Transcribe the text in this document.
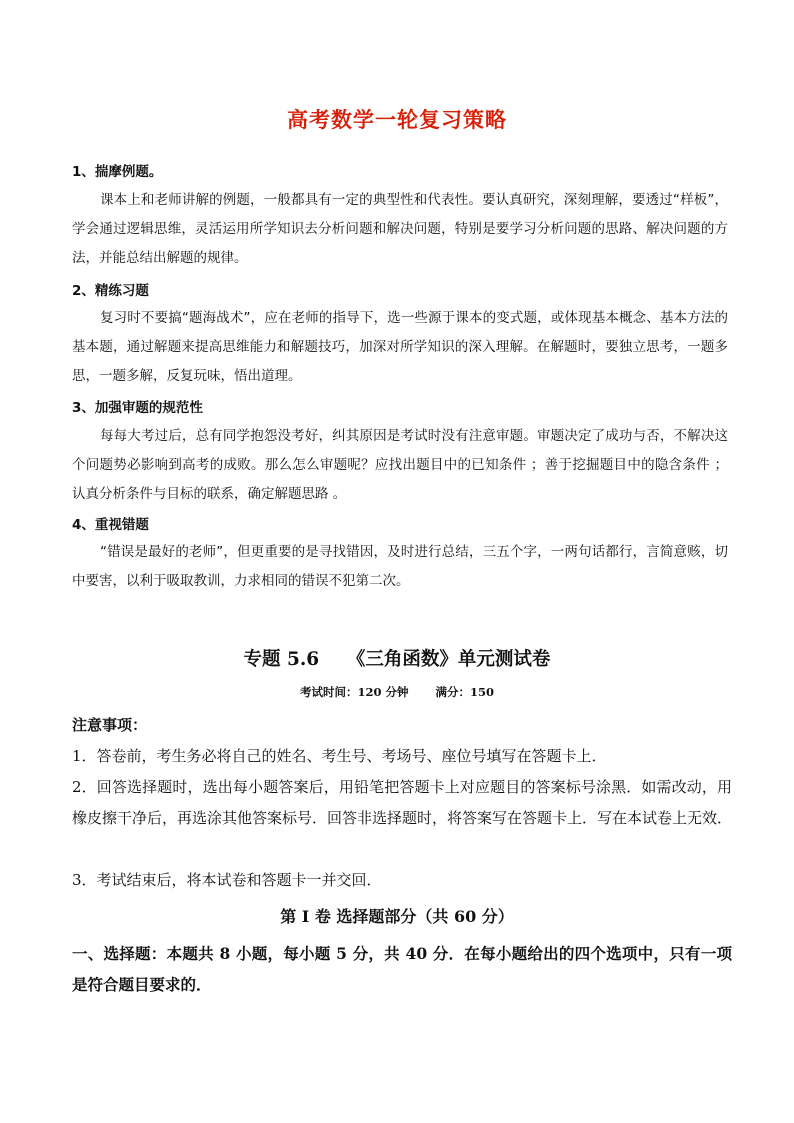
高考数学一轮复习策略
1、揣摩例题。

课本上和老师讲解的例题，一般都具有一定的典型性和代表性。要认真研究，深刻理解，要透过“样板”，学会通过逻辑思维，灵活运用所学知识去分析问题和解决问题，特别是要学习分析问题的思路、解决问题的方法，并能总结出解题的规律。

2、精练习题

复习时不要搞“题海战术”，应在老师的指导下，选一些源于课本的变式题，或体现基本概念、基本方法的基本题，通过解题来提高思维能力和解题技巧，加深对所学知识的深入理解。在解题时，要独立思考，一题多思，一题多解，反复玩味，悟出道理。

3、加强审题的规范性

每每大考过后，总有同学抱怨没考好，纠其原因是考试时没有注意审题。审题决定了成功与否，不解决这个问题势必影响到高考的成败。那么怎么审题呢？应找出题目中的已知条件 ；善于挖掘题目中的隐含条件 ；认真分析条件与目标的联系，确定解题思路 。

4、重视错题

“错误是最好的老师”，但更重要的是寻找错因，及时进行总结，三五个字，一两句话都行，言简意赅，切中要害，以利于吸取教训，力求相同的错误不犯第二次。

专题 5.6　　《三角函数》单元测试卷
考试时间：120 分钟　　 满分：150
注意事项：

1．答卷前，考生务必将自己的姓名、考生号、考场号、座位号填写在答题卡上．

2．回答选择题时，选出每小题答案后，用铅笔把答题卡上对应题目的答案标号涂黑．如需改动，用橡皮擦干净后，再选涂其他答案标号．回答非选择题时，将答案写在答题卡上．写在本试卷上无效．

3．考试结束后，将本试卷和答题卡一并交回．

第 I 卷 选择题部分（共 60 分）

一、选择题：本题共 8 小题，每小题 5 分，共 40 分．在每小题给出的四个选项中，只有一项是符合题目要求的．
